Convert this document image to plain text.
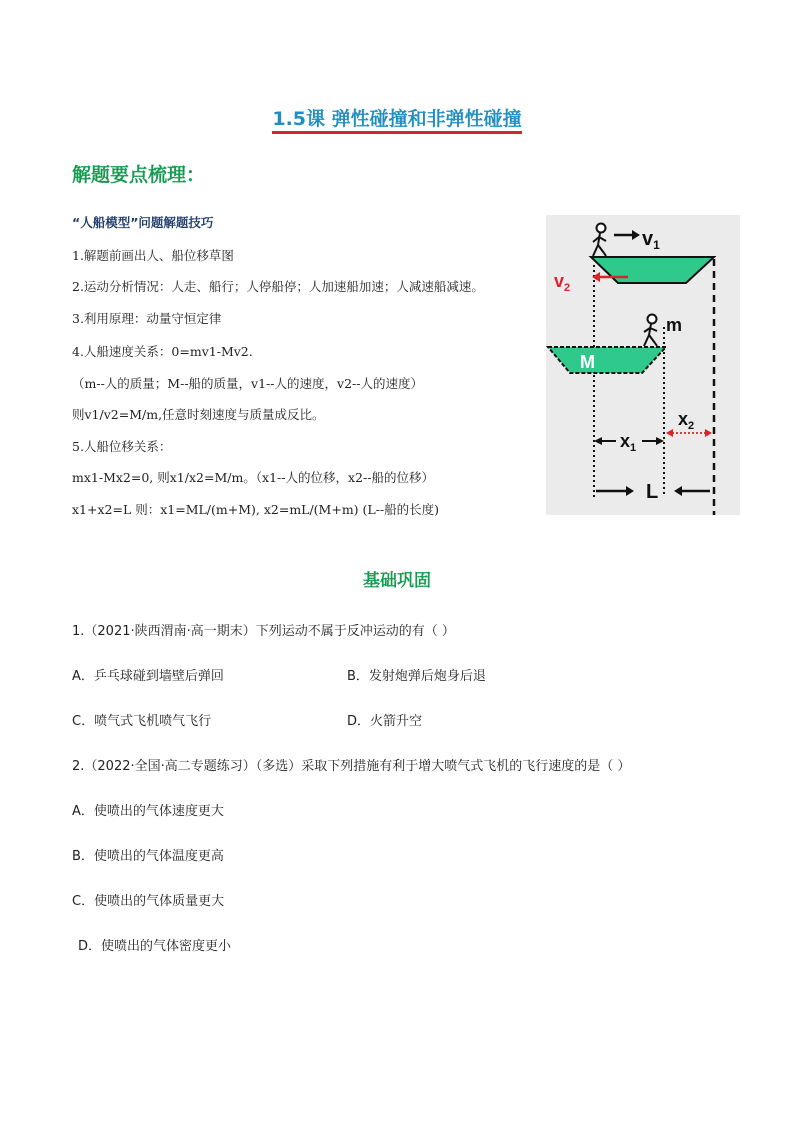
1.5课 弹性碰撞和非弹性碰撞
解题要点梳理：
“人船模型”问题解题技巧
1.解题前画出人、船位移草图
2.运动分析情况：人走、船行；人停船停；人加速船加速；人减速船减速。
3.利用原理：动量守恒定律
4.人船速度关系：0=mv1-Mv2.
（m--人的质量；M--船的质量，v1--人的速度，v2--人的速度）
则v1/v2=M/m,任意时刻速度与质量成反比。
5.人船位移关系：
mx1-Mx2=0, 则x1/x2=M/m。（x1--人的位移，x2--船的位移）
x1+x2=L 则：x1=ML/(m+M), x2=mL/(M+m) (L--船的长度)
$v_1$
$v_2$
M
m
$x_1$
$x_2$
L
基础巩固
1.（2021·陕西渭南·高一期末）下列运动不属于反冲运动的有（ ）
A．乒乓球碰到墙壁后弹回	B．发射炮弹后炮身后退
C．喷气式飞机喷气飞行	D．火箭升空
2.（2022·全国·高二专题练习）（多选）采取下列措施有利于增大喷气式飞机的飞行速度的是（ ）
A．使喷出的气体速度更大
B．使喷出的气体温度更高
C．使喷出的气体质量更大
D．使喷出的气体密度更小
